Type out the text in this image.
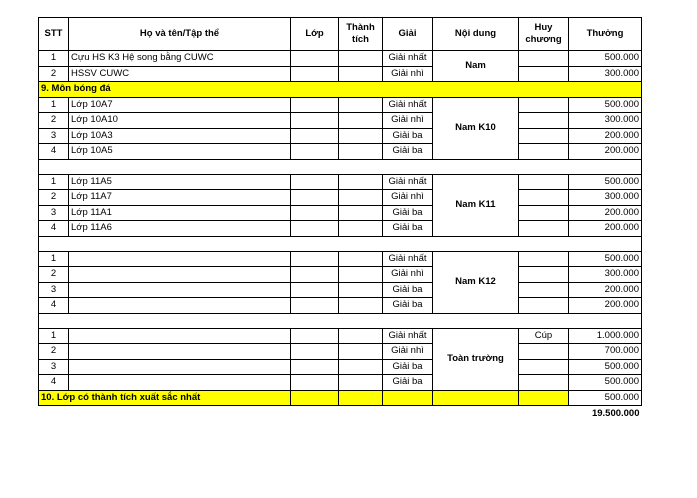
STT	Họ và tên/Tập thể	Lớp	Thành tích	Giải	Nội dung	Huy chương	Thưởng
1	Cựu HS K3 Hệ song bằng CUWC			Giải nhất	Nam		500.000
2	HSSV CUWC			Giải nhì			300.000
9. Môn bóng đá							
1	Lớp 10A7			Giải nhất	Nam K10		500.000
2	Lớp 10A10			Giải nhì			300.000
3	Lớp 10A3			Giải ba			200.000
4	Lớp 10A5			Giải ba			200.000

1	Lớp 11A5			Giải nhất	Nam K11		500.000
2	Lớp 11A7			Giải nhì			300.000
3	Lớp 11A1			Giải ba			200.000
4	Lớp 11A6			Giải ba			200.000

1				Giải nhất	Nam K12		500.000
2				Giải nhì			300.000
3				Giải ba			200.000
4				Giải ba			200.000

1				Giải nhất	Toàn trường	Cúp	1.000.000
2				Giải nhì			700.000
3				Giải ba			500.000
4				Giải ba			500.000
10. Lớp có thành tích xuất sắc nhất							500.000
							19.500.000
